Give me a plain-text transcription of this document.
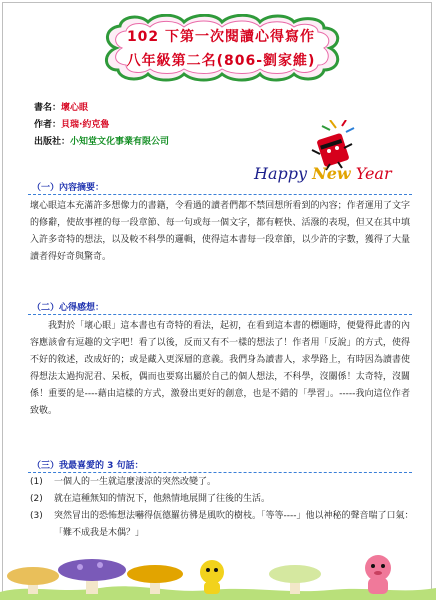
102 下第一次閱讀心得寫作
八年級第二名(806-劉家維)
書名：壞心眼
作者：貝瑞·約克魯
出版社：小知堂文化事業有限公司
Happy New Year
（一）內容摘要：
壞心眼這本充滿許多想像力的書籍，令看過的讀者們都不禁回想所看到的內容；作者運用了文字的修辭，使故事裡的每一段章節、每一句或每一個文字，都有輕快、活潑的表現，但又在其中填入許多奇特的想法，以及較不科學的邏輯，使得這本書每一段章節，以少許的字數，獲得了大量讀者得好奇與驚奇。
（二）心得感想：
我對於「壞心眼」這本書也有奇特的看法，起初，在看到這本書的標題時，便覺得此書的內容應該會有逗趣的文字吧！看了以後，反而又有不一樣的想法了！作者用「反說」的方式，使得不好的敘述，改成好的；或是藏入更深層的意義。我們身為讀書人，求學路上，有時因為讀書使得想法太過拘泥君、呆板，偶而也要寫出屬於自己的個人想法，不科學，沒關係！太奇特，沒關係！重要的是----藉由這樣的方式，激發出更好的創意，也是不錯的「學習」。-----我向這位作者致敬。
（三）我最喜愛的 3 句話：
(1) 一個人的一生就這麼淒涼的突然改變了。
(2) 就在這種無知的情況下，他熱情地展開了往後的生活。
(3) 突然冒出的恐怖想法嚇得佤德羅彷彿是風吹的樹枝。「等等----」他以神秘的聲音喘了口氣：「難不成我是木偶？」
